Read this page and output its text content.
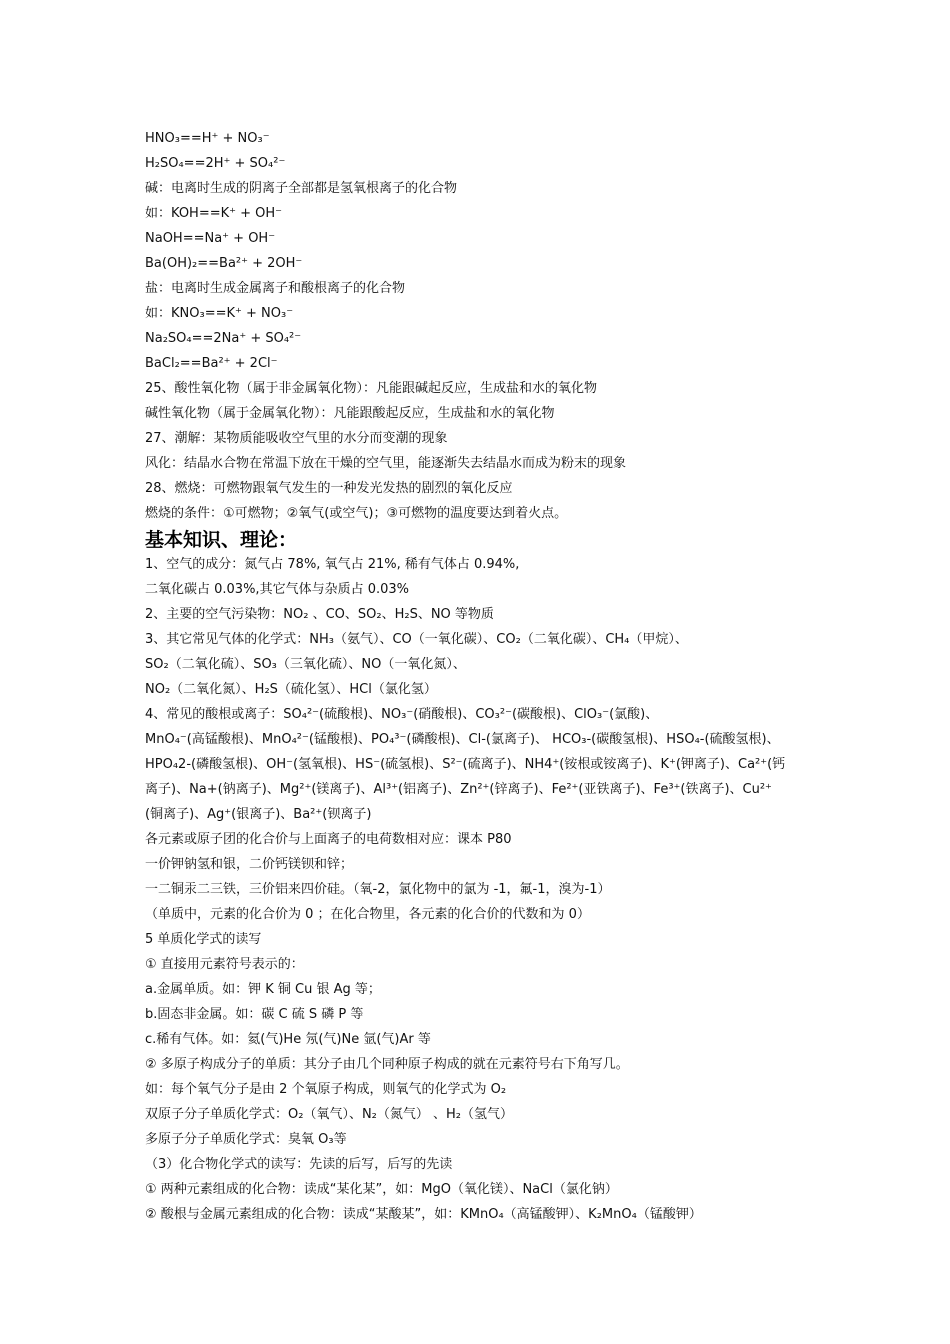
HNO₃==H⁺ + NO₃⁻
H₂SO₄==2H⁺ + SO₄²⁻
碱：电离时生成的阴离子全部都是氢氧根离子的化合物
如：KOH==K⁺ + OH⁻
NaOH==Na⁺ + OH⁻
Ba(OH)₂==Ba²⁺ + 2OH⁻
盐：电离时生成金属离子和酸根离子的化合物
如：KNO₃==K⁺ + NO₃⁻
Na₂SO₄==2Na⁺ + SO₄²⁻
BaCl₂==Ba²⁺ + 2Cl⁻
25、酸性氧化物（属于非金属氧化物）：凡能跟碱起反应，生成盐和水的氧化物
碱性氧化物（属于金属氧化物）：凡能跟酸起反应，生成盐和水的氧化物
27、潮解：某物质能吸收空气里的水分而变潮的现象
风化：结晶水合物在常温下放在干燥的空气里，能逐渐失去结晶水而成为粉末的现象
28、燃烧：可燃物跟氧气发生的一种发光发热的剧烈的氧化反应
燃烧的条件：①可燃物；②氧气(或空气)；③可燃物的温度要达到着火点。
基本知识、理论：
1、空气的成分：氮气占 78%, 氧气占 21%, 稀有气体占 0.94%,
二氧化碳占 0.03%,其它气体与杂质占 0.03%
2、主要的空气污染物：NO₂ 、CO、SO₂、H₂S、NO 等物质
3、其它常见气体的化学式：NH₃（氨气）、CO（一氧化碳）、CO₂（二氧化碳）、CH₄（甲烷）、
SO₂（二氧化硫）、SO₃（三氧化硫）、NO（一氧化氮）、
NO₂（二氧化氮）、H₂S（硫化氢）、HCl（氯化氢）
4、常见的酸根或离子：SO₄²⁻(硫酸根)、NO₃⁻(硝酸根)、CO₃²⁻(碳酸根)、ClO₃⁻(氯酸)、
MnO₄⁻(高锰酸根)、MnO₄²⁻(锰酸根)、PO₄³⁻(磷酸根)、Cl-(氯离子)、 HCO₃-(碳酸氢根)、HSO₄-(硫酸氢根)、
HPO₄2-(磷酸氢根)、OH⁻(氢氧根)、HS⁻(硫氢根)、S²⁻(硫离子)、NH4⁺(铵根或铵离子)、K⁺(钾离子)、Ca²⁺(钙
离子)、Na+(钠离子)、Mg²⁺(镁离子)、Al³⁺(铝离子)、Zn²⁺(锌离子)、Fe²⁺(亚铁离子)、Fe³⁺(铁离子)、Cu²⁺
(铜离子)、Ag⁺(银离子)、Ba²⁺(钡离子)
各元素或原子团的化合价与上面离子的电荷数相对应：课本 P80
一价钾钠氢和银，二价钙镁钡和锌；
一二铜汞二三铁，三价铝来四价硅。（氧-2，氯化物中的氯为 -1，氟-1，溴为-1）
（单质中，元素的化合价为 0 ；在化合物里，各元素的化合价的代数和为 0）
5 单质化学式的读写
① 直接用元素符号表示的：
a.金属单质。如：钾 K 铜 Cu 银 Ag 等；
b.固态非金属。如：碳 C 硫 S 磷 P 等
c.稀有气体。如：氦(气)He 氖(气)Ne 氩(气)Ar 等
② 多原子构成分子的单质：其分子由几个同种原子构成的就在元素符号右下角写几。
如：每个氧气分子是由 2 个氧原子构成，则氧气的化学式为 O₂
双原子分子单质化学式：O₂（氧气）、N₂（氮气） 、H₂（氢气）
多原子分子单质化学式：臭氧 O₃等
（3）化合物化学式的读写：先读的后写，后写的先读
① 两种元素组成的化合物：读成“某化某”，如：MgO（氧化镁）、NaCl（氯化钠）
② 酸根与金属元素组成的化合物：读成“某酸某”，如：KMnO₄（高锰酸钾）、K₂MnO₄（锰酸钾）
